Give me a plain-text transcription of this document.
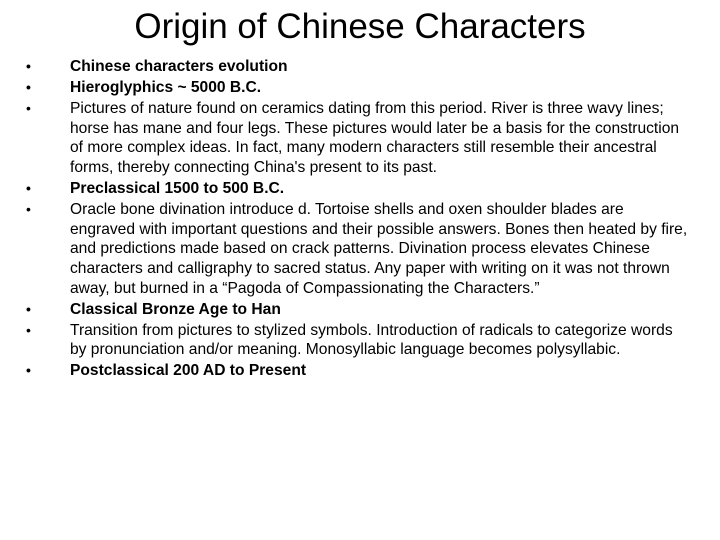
Origin of Chinese Characters
•	Chinese characters evolution
•	Hieroglyphics ~ 5000 B.C.
•	Pictures of nature found on ceramics dating from this period. River is three wavy lines; horse has mane and four legs. These pictures would later be a basis for the construction of more complex ideas. In fact, many modern characters still resemble their ancestral forms, thereby connecting China's present to its past.
•	Preclassical 1500 to 500 B.C.
•	Oracle bone divination introduce d. Tortoise shells and oxen shoulder blades are engraved with important questions and their possible answers. Bones then heated by fire, and predictions made based on crack patterns. Divination process elevates Chinese characters and calligraphy to sacred status. Any paper with writing on it was not thrown away, but burned in a “Pagoda of Compassionating the Characters.”
•	Classical Bronze Age to Han
•	Transition from pictures to stylized symbols. Introduction of radicals to categorize words by pronunciation and/or meaning. Monosyllabic language becomes polysyllabic.
•	Postclassical 200 AD to Present
